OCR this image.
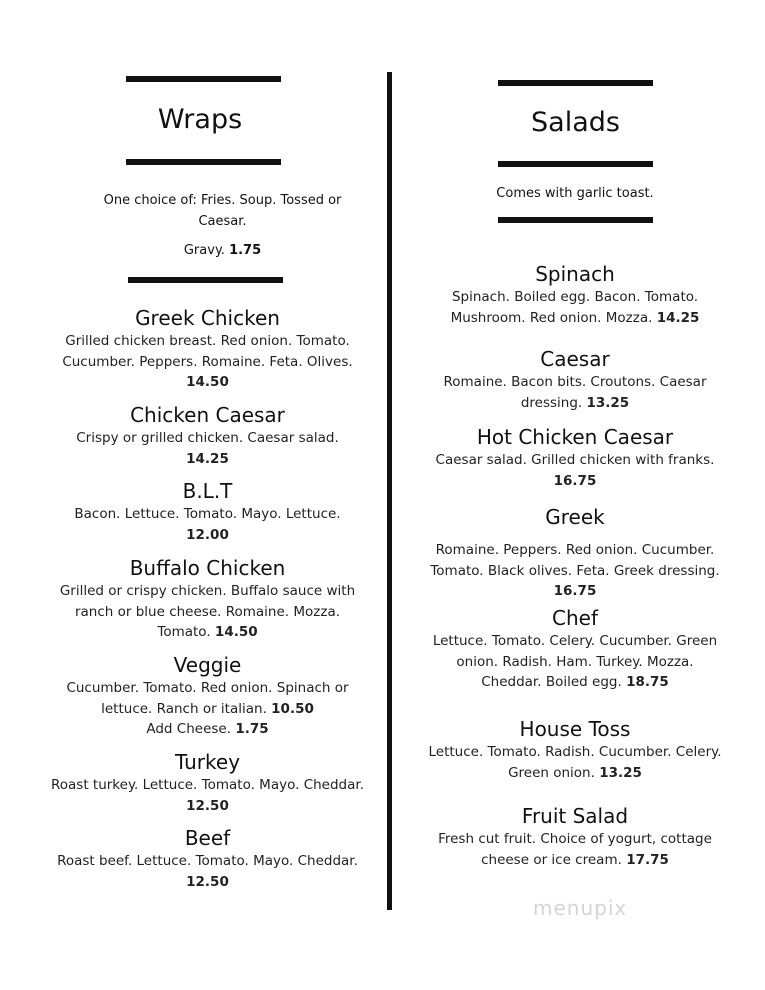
Wraps
One choice of: Fries. Soup. Tossed or
Caesar.
Gravy. 1.75
Greek Chicken
Grilled chicken breast. Red onion. Tomato. Cucumber. Peppers. Romaine. Feta. Olives.
14.50
Chicken Caesar
Crispy or grilled chicken. Caesar salad.
14.25
B.L.T
Bacon. Lettuce. Tomato. Mayo. Lettuce.
12.00
Buffalo Chicken
Grilled or crispy chicken. Buffalo sauce with ranch or blue cheese. Romaine. Mozza. Tomato. 14.50
Veggie
Cucumber. Tomato. Red onion. Spinach or lettuce. Ranch or italian. 10.50
Add Cheese. 1.75
Turkey
Roast turkey. Lettuce. Tomato. Mayo. Cheddar. 12.50
Beef
Roast beef. Lettuce. Tomato. Mayo. Cheddar. 12.50
Salads
Comes with garlic toast.
Spinach
Spinach. Boiled egg. Bacon. Tomato. Mushroom. Red onion. Mozza. 14.25
Caesar
Romaine. Bacon bits. Croutons. Caesar dressing. 13.25
Hot Chicken Caesar
Caesar salad. Grilled chicken with franks.
16.75
Greek
Romaine. Peppers. Red onion. Cucumber. Tomato. Black olives. Feta. Greek dressing.
16.75
Chef
Lettuce. Tomato. Celery. Cucumber. Green onion. Radish. Ham. Turkey. Mozza. Cheddar. Boiled egg. 18.75
House Toss
Lettuce. Tomato. Radish. Cucumber. Celery. Green onion. 13.25
Fruit Salad
Fresh cut fruit. Choice of yogurt, cottage cheese or ice cream. 17.75
menupix
